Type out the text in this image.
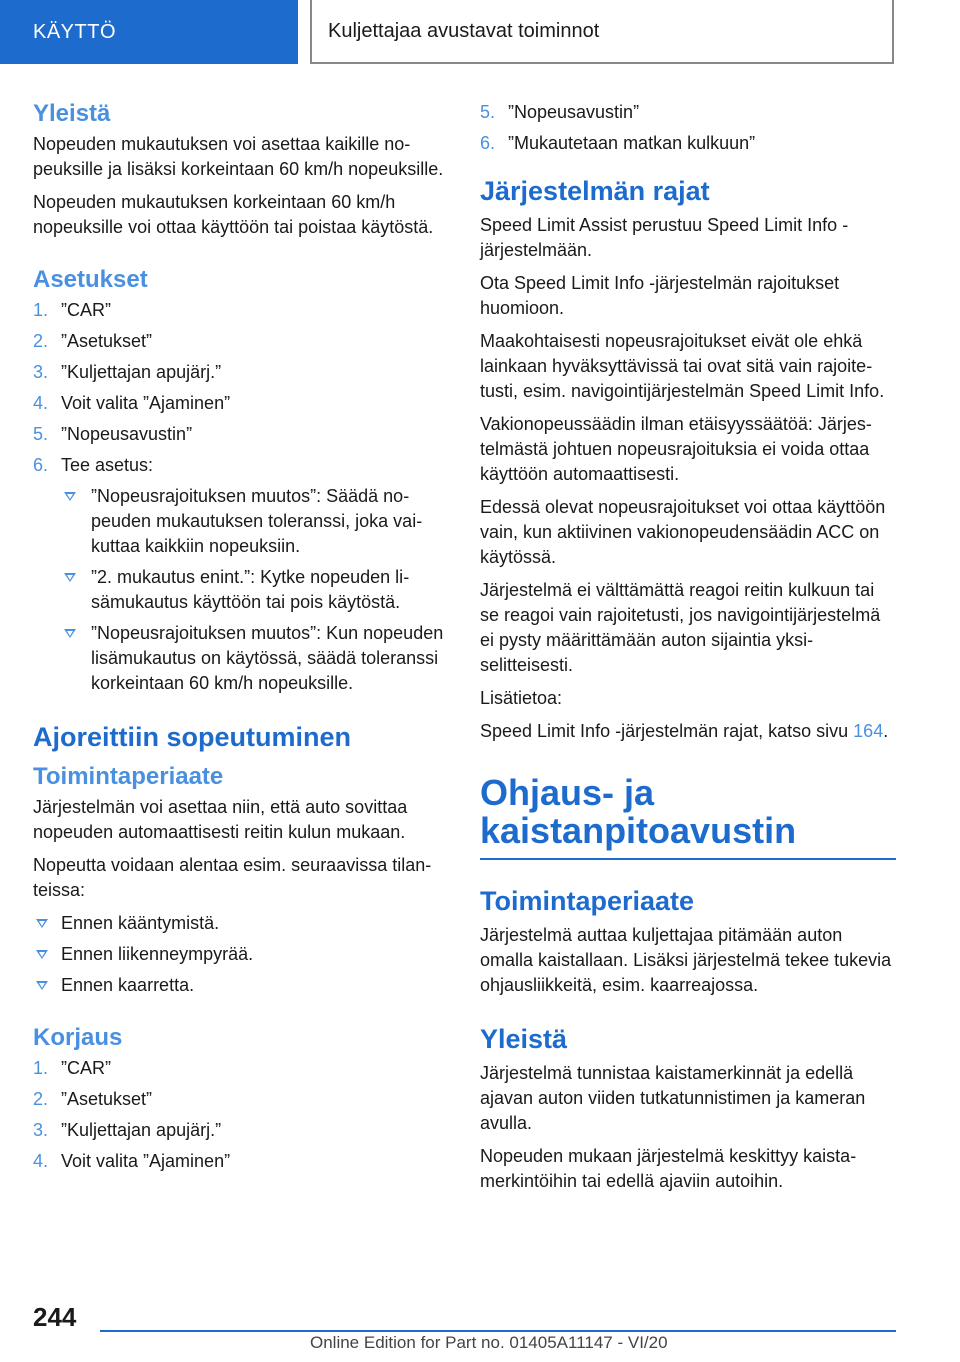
KÄYTTÖ	Kuljettajaa avustavat toiminnot
Yleistä

Nopeuden mukautuksen voi asettaa kaikille nopeuksille ja lisäksi korkeintaan 60 km/h nopeuksille.

Nopeuden mukautuksen korkeintaan 60 km/h nopeuksille voi ottaa käyttöön tai poistaa käytöstä.

Asetukset
1. ”CAR”
2. ”Asetukset”
3. ”Kuljettajan apujärj.”
4. Voit valita ”Ajaminen”
5. ”Nopeusavustin”
6. Tee asetus:
”Nopeusrajoituksen muutos”: Säädä nopeuden mukautuksen toleranssi, joka vaikuttaa kaikkiin nopeuksiin.
”2. mukautus enint.”: Kytke nopeuden lisämukautus käyttöön tai pois käytöstä.
”Nopeusrajoituksen muutos”: Kun nopeuden lisämukautus on käytössä, säädä toleranssi korkeintaan 60 km/h nopeuksille.
Ajoreittiin sopeutuminen
Toimintaperiaate

Järjestelmän voi asettaa niin, että auto sovittaa nopeuden automaattisesti reitin kulun mukaan.

Nopeutta voidaan alentaa esim. seuraavissa tilanteissa:

Ennen kääntymistä.
Ennen liikenneympyrää.
Ennen kaarretta.
Korjaus
1. ”CAR”
2. ”Asetukset”
3. ”Kuljettajan apujärj.”
4. Voit valita ”Ajaminen”
5. ”Nopeusavustin”
6. ”Mukautetaan matkan kulkuun”
Järjestelmän rajat

Speed Limit Assist perustuu Speed Limit Info -järjestelmään.

Ota Speed Limit Info -järjestelmän rajoitukset huomioon.

Maakohtaisesti nopeusrajoitukset eivät ole ehkä lainkaan hyväksyttävissä tai ovat sitä vain rajoitetusti, esim. navigointijärjestelmän Speed Limit Info.

Vakionopeussäädin ilman etäisyyssäätöä: Järjestelmästä johtuen nopeusrajoituksia ei voida ottaa käyttöön automaattisesti.

Edessä olevat nopeusrajoitukset voi ottaa käyttöön vain, kun aktiivinen vakionopeudensäädin ACC on käytössä.

Järjestelmä ei välttämättä reagoi reitin kulkuun tai se reagoi vain rajoitetusti, jos navigointijärjestelmä ei pysty määrittämään auton sijaintia yksiselitteisesti.

Lisätietoa:

Speed Limit Info -järjestelmän rajat, katso sivu 164.

Ohjaus- ja kaistanpitoavustin
Toimintaperiaate

Järjestelmä auttaa kuljettajaa pitämään auton omalla kaistallaan. Lisäksi järjestelmä tekee tukevia ohjausliikkeitä, esim. kaarreajossa.

Yleistä

Järjestelmä tunnistaa kaistamerkinnät ja edellä ajavan auton viiden tutkatunnistimen ja kameran avulla.

Nopeuden mukaan järjestelmä keskittyy kaistamerkintöihin tai edellä ajaviin autoihin.

244
Online Edition for Part no. 01405A11147 - VI/20
